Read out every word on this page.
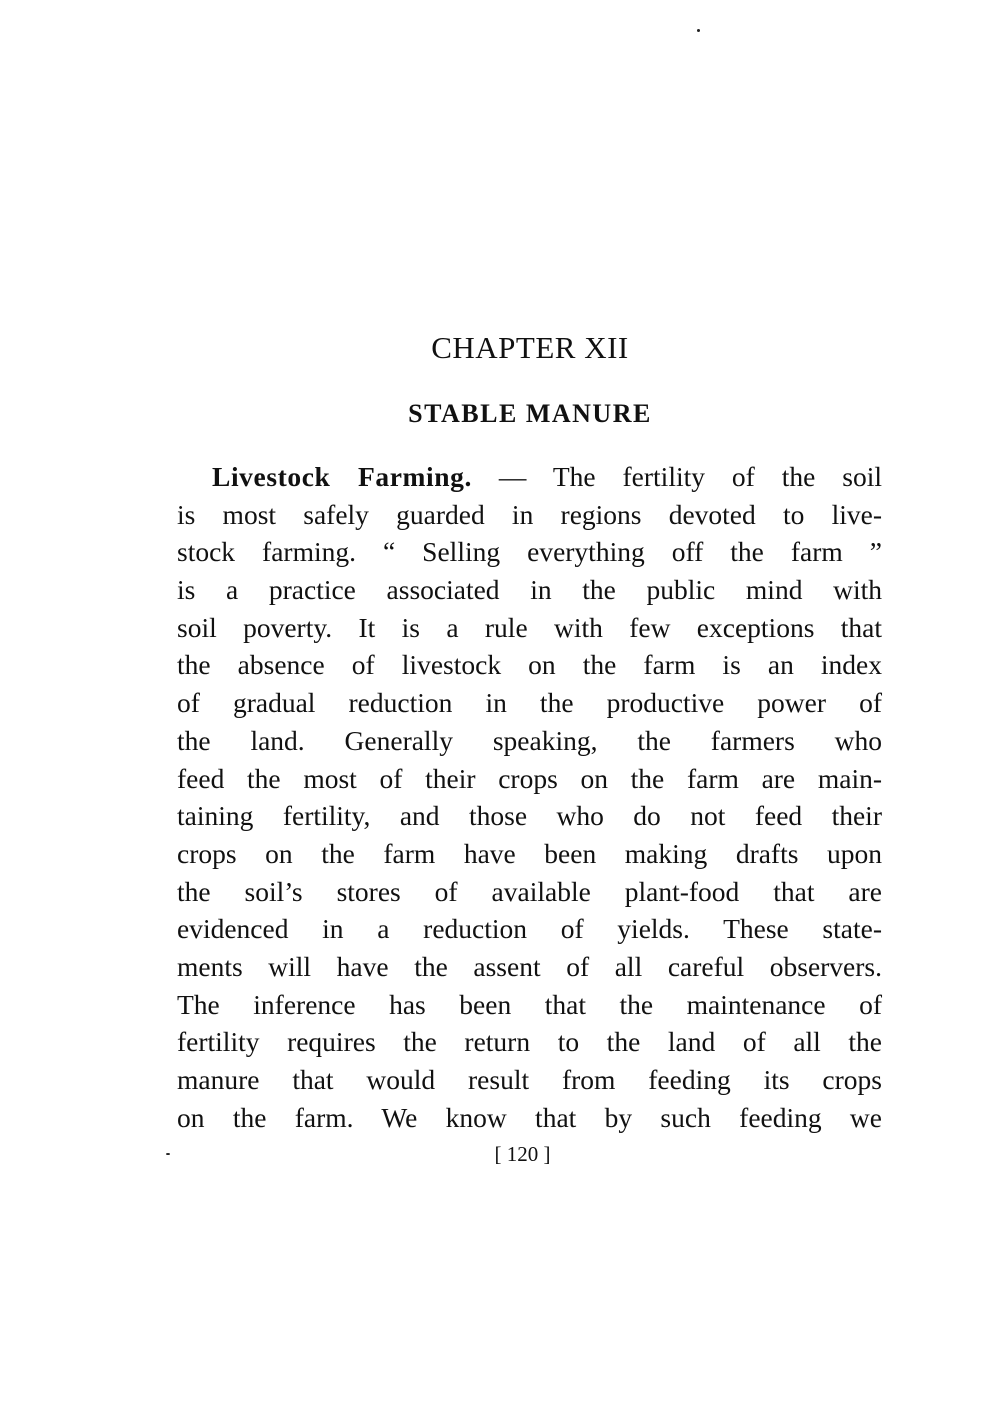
CHAPTER XII
STABLE MANURE
Livestock Farming. — The fertility of the soil
is most safely guarded in regions devoted to live-
stock farming. “ Selling everything off the farm ”
is a practice associated in the public mind with
soil poverty. It is a rule with few exceptions that
the absence of livestock on the farm is an index
of gradual reduction in the productive power of
the land. Generally speaking, the farmers who
feed the most of their crops on the farm are main-
taining fertility, and those who do not feed their
crops on the farm have been making drafts upon
the soil’s stores of available plant-food that are
evidenced in a reduction of yields. These state-
ments will have the assent of all careful observers.
The inference has been that the maintenance of
fertility requires the return to the land of all the
manure that would result from feeding its crops
on the farm. We know that by such feeding we

[ 120 ]
